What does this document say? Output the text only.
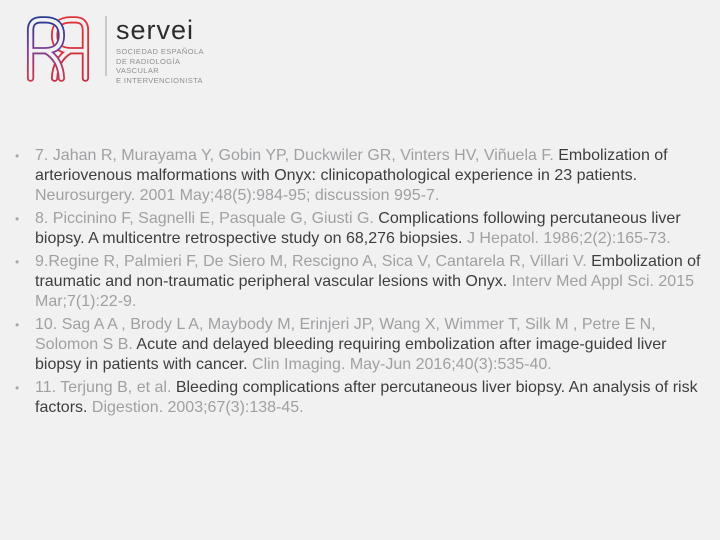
servei
SOCIEDAD ESPAÑOLA
DE RADIOLOGÍA
VASCULAR
E INTERVENCIONISTA
• 7. Jahan R, Murayama Y, Gobin YP, Duckwiler GR, Vinters HV, Viñuela F. Embolization of arteriovenous malformations with Onyx: clinicopathological experience in 23 patients. Neurosurgery. 2001 May;48(5):984-95; discussion 995-7.

• 8. Piccinino F, Sagnelli E, Pasquale G, Giusti G. Complications following percutaneous liver biopsy. A multicentre retrospective study on 68,276 biopsies. J Hepatol. 1986;2(2):165-73.

• 9.Regine R, Palmieri F, De Siero M, Rescigno A, Sica V, Cantarela R, Villari V. Embolization of traumatic and non-traumatic peripheral vascular lesions with Onyx. Interv Med Appl Sci. 2015 Mar;7(1):22-9.

• 10. Sag A A , Brody L A, Maybody M, Erinjeri JP, Wang X, Wimmer T, Silk M , Petre E N, Solomon S B. Acute and delayed bleeding requiring embolization after image-guided liver biopsy in patients with cancer. Clin Imaging. May-Jun 2016;40(3):535-40.

• 11. Terjung B, et al. Bleeding complications after percutaneous liver biopsy. An analysis of risk factors. Digestion. 2003;67(3):138-45.
